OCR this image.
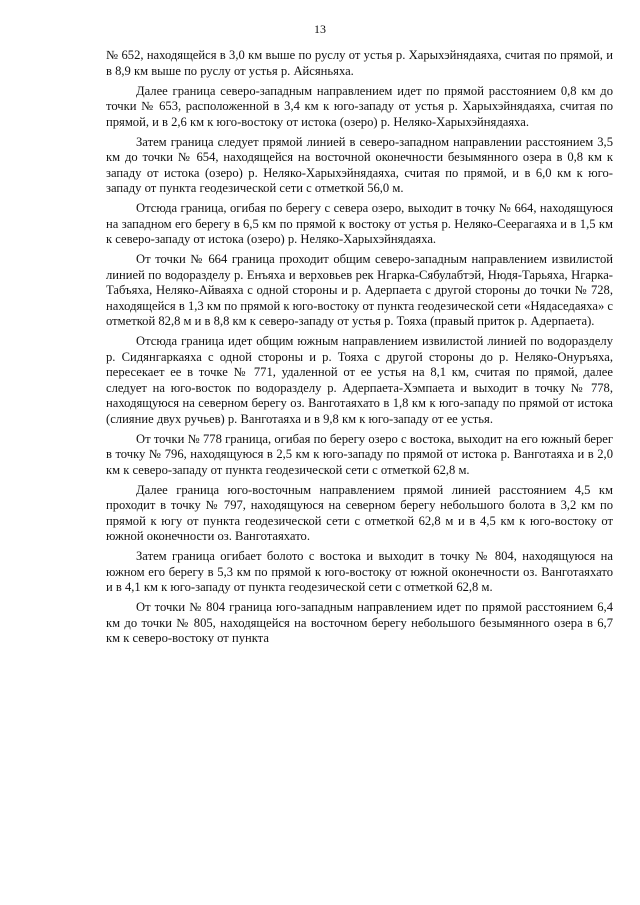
13

№ 652, находящейся в 3,0 км выше по руслу от устья р. Харыхэйнядаяха, считая по прямой, и в 8,9 км выше по руслу от устья р. Айсяньяха.

Далее граница северо-западным направлением идет по прямой расстоянием 0,8 км до точки № 653, расположенной в 3,4 км к юго-западу от устья р. Харыхэйнядаяха, считая по прямой, и в 2,6 км к юго-востоку от истока (озеро) р. Неляко-Харыхэйнядаяха.

Затем граница следует прямой линией в северо-западном направлении расстоянием 3,5 км до точки № 654, находящейся на восточной оконечности безымянного озера в 0,8 км к западу от истока (озеро) р. Неляко-Харыхэйнядаяха, считая по прямой, и в 6,0 км к юго-западу от пункта геодезической сети с отметкой 56,0 м.

Отсюда граница, огибая по берегу с севера озеро, выходит в точку № 664, находящуюся на западном его берегу в 6,5 км по прямой к востоку от устья р. Неляко-Сеерагаяха и в 1,5 км к северо-западу от истока (озеро) р. Неляко-Харыхэйнядаяха.

От точки № 664 граница проходит общим северо-западным направлением извилистой линией по водоразделу р. Енъяха и верховьев рек Нгарка-Сябулабтэй, Нюдя-Тарьяха, Нгарка-Табъяха, Неляко-Айваяха с одной стороны и р. Адерпаета с другой стороны до точки № 728, находящейся в 1,3 км по прямой к юго-востоку от пункта геодезической сети «Нядаседаяха» с отметкой 82,8 м и в 8,8 км к северо-западу от устья р. Тояха (правый приток р. Адерпаета).

Отсюда граница идет общим южным направлением извилистой линией по водоразделу р. Сидянгаркаяха с одной стороны и р. Тояха с другой стороны до р. Неляко-Онуръяха, пересекает ее в точке № 771, удаленной от ее устья на 8,1 км, считая по прямой, далее следует на юго-восток по водоразделу р. Адерпаета-Хэмпаета и выходит в точку № 778, находящуюся на северном берегу оз. Ванготаяхато в 1,8 км к юго-западу по прямой от истока (слияние двух ручьев) р. Ванготаяха и в 9,8 км к юго-западу от ее устья.

От точки № 778 граница, огибая по берегу озеро с востока, выходит на его южный берег в точку № 796, находящуюся в 2,5 км к юго-западу по прямой от истока р. Ванготаяха и в 2,0 км к северо-западу от пункта геодезической сети с отметкой 62,8 м.

Далее граница юго-восточным направлением прямой линией расстоянием 4,5 км проходит в точку № 797, находящуюся на северном берегу небольшого болота в 3,2 км по прямой к югу от пункта геодезической сети с отметкой 62,8 м и в 4,5 км к юго-востоку от южной оконечности оз. Ванготаяхато.

Затем граница огибает болото с востока и выходит в точку № 804, находящуюся на южном его берегу в 5,3 км по прямой к юго-востоку от южной оконечности оз. Ванготаяхато и в 4,1 км к юго-западу от пункта геодезической сети с отметкой 62,8 м.

От точки № 804 граница юго-западным направлением идет по прямой расстоянием 6,4 км до точки № 805, находящейся на восточном берегу небольшого безымянного озера в 6,7 км к северо-востоку от пункта
